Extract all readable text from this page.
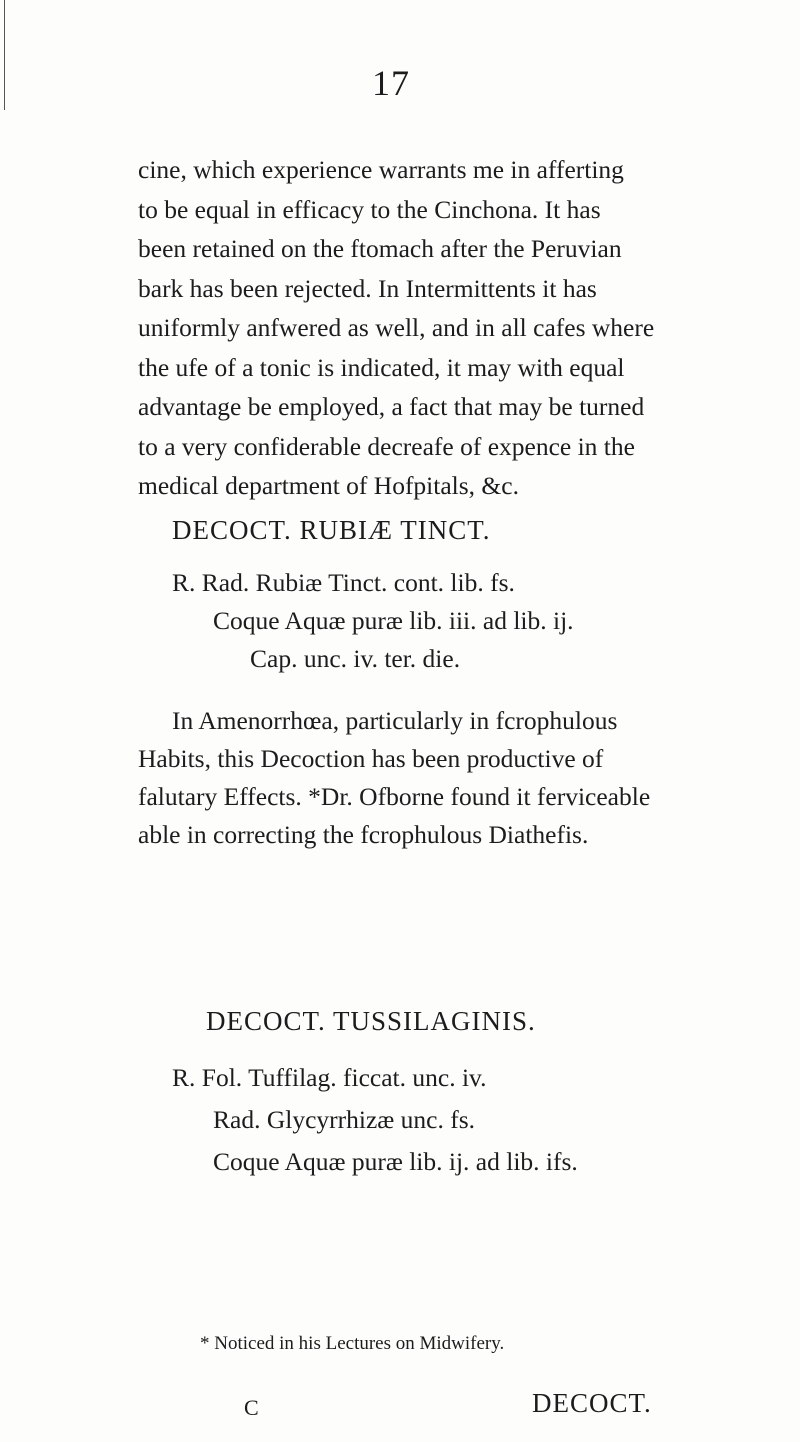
17
cine, which experience warrants me in afferting
to be equal in efficacy to the Cinchona. It has
been retained on the ftomach after the Peruvian
bark has been rejected. In Intermittents it has
uniformly anfwered as well, and in all cafes where
the ufe of a tonic is indicated, it may with equal
advantage be employed, a fact that may be turned
to a very confiderable decreafe of expence in the
medical department of Hofpitals, &c.
DECOCT. RUBIÆ TINCT.
R. Rad. Rubiæ Tinct. cont. lib. fs.
Coque Aquæ puræ lib. iii. ad lib. ij.
Cap. unc. iv. ter. die.
In Amenorrhœa, particularly in fcrophulous
Habits, this Decoction has been productive of
falutary Effects. *Dr. Ofborne found it ferviceable
able in correcting the fcrophulous Diathefis.
DECOCT. TUSSILAGINIS.
R. Fol. Tuffilag. ficcat. unc. iv.
Rad. Glycyrrhizæ unc. fs.
Coque Aquæ puræ lib. ij. ad lib. ifs.
* Noticed in his Lectures on Midwifery.
C	DECOCT.
